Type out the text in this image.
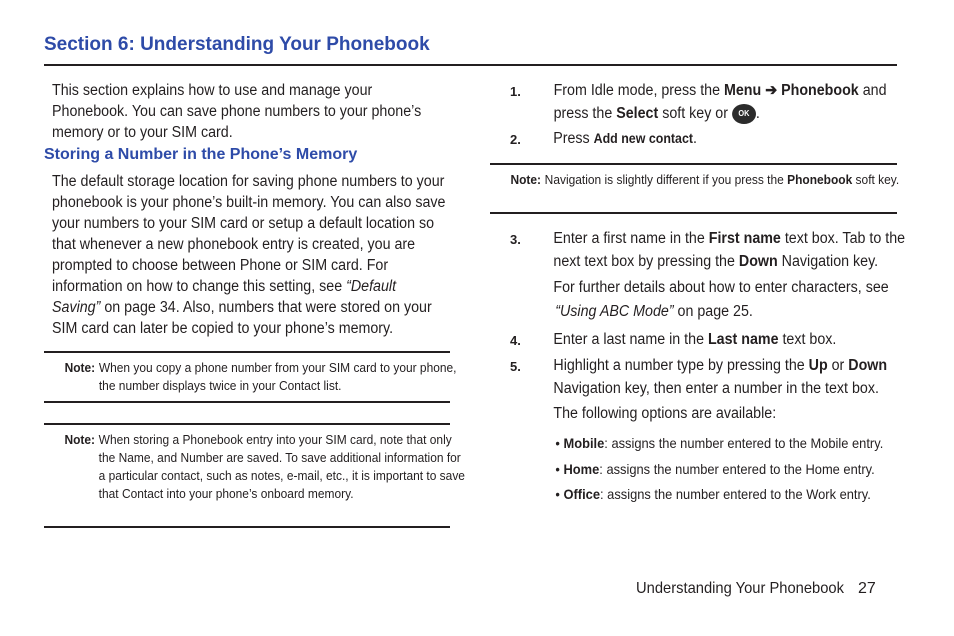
Section 6: Understanding Your Phonebook
This section explains how to use and manage your Phonebook. You can save phone numbers to your phone’s memory or to your SIM card.
Storing a Number in the Phone’s Memory
The default storage location for saving phone numbers to your phonebook is your phone’s built-in memory. You can also save your numbers to your SIM card or setup a default location so that whenever a new phonebook entry is created, you are prompted to choose between Phone or SIM card. For information on how to change this setting, see “Default Saving” on page 34. Also, numbers that were stored on your SIM card can later be copied to your phone’s memory.
Note:	When you copy a phone number from your SIM card to your phone, the number displays twice in your Contact list.
Note:	When storing a Phonebook entry into your SIM card, note that only the Name, and Number are saved. To save additional information for a particular contact, such as notes, e-mail, etc., it is important to save that Contact into your phone’s onboard memory.
1. From Idle mode, press the Menu ➔ Phonebook and press the Select soft key or OK .
2. Press Add new contact.
Note:	Navigation is slightly different if you press the Phonebook soft key.
3. Enter a first name in the First name text box. Tab to the next text box by pressing the Down Navigation key.
For further details about how to enter characters, see
“Using ABC Mode” on page 25.
4. Enter a last name in the Last name text box.
5. Highlight a number type by pressing the Up or Down Navigation key, then enter a number in the text box.
The following options are available:
• Mobile: assigns the number entered to the Mobile entry.
• Home: assigns the number entered to the Home entry.
• Office: assigns the number entered to the Work entry.
Understanding Your Phonebook 27
